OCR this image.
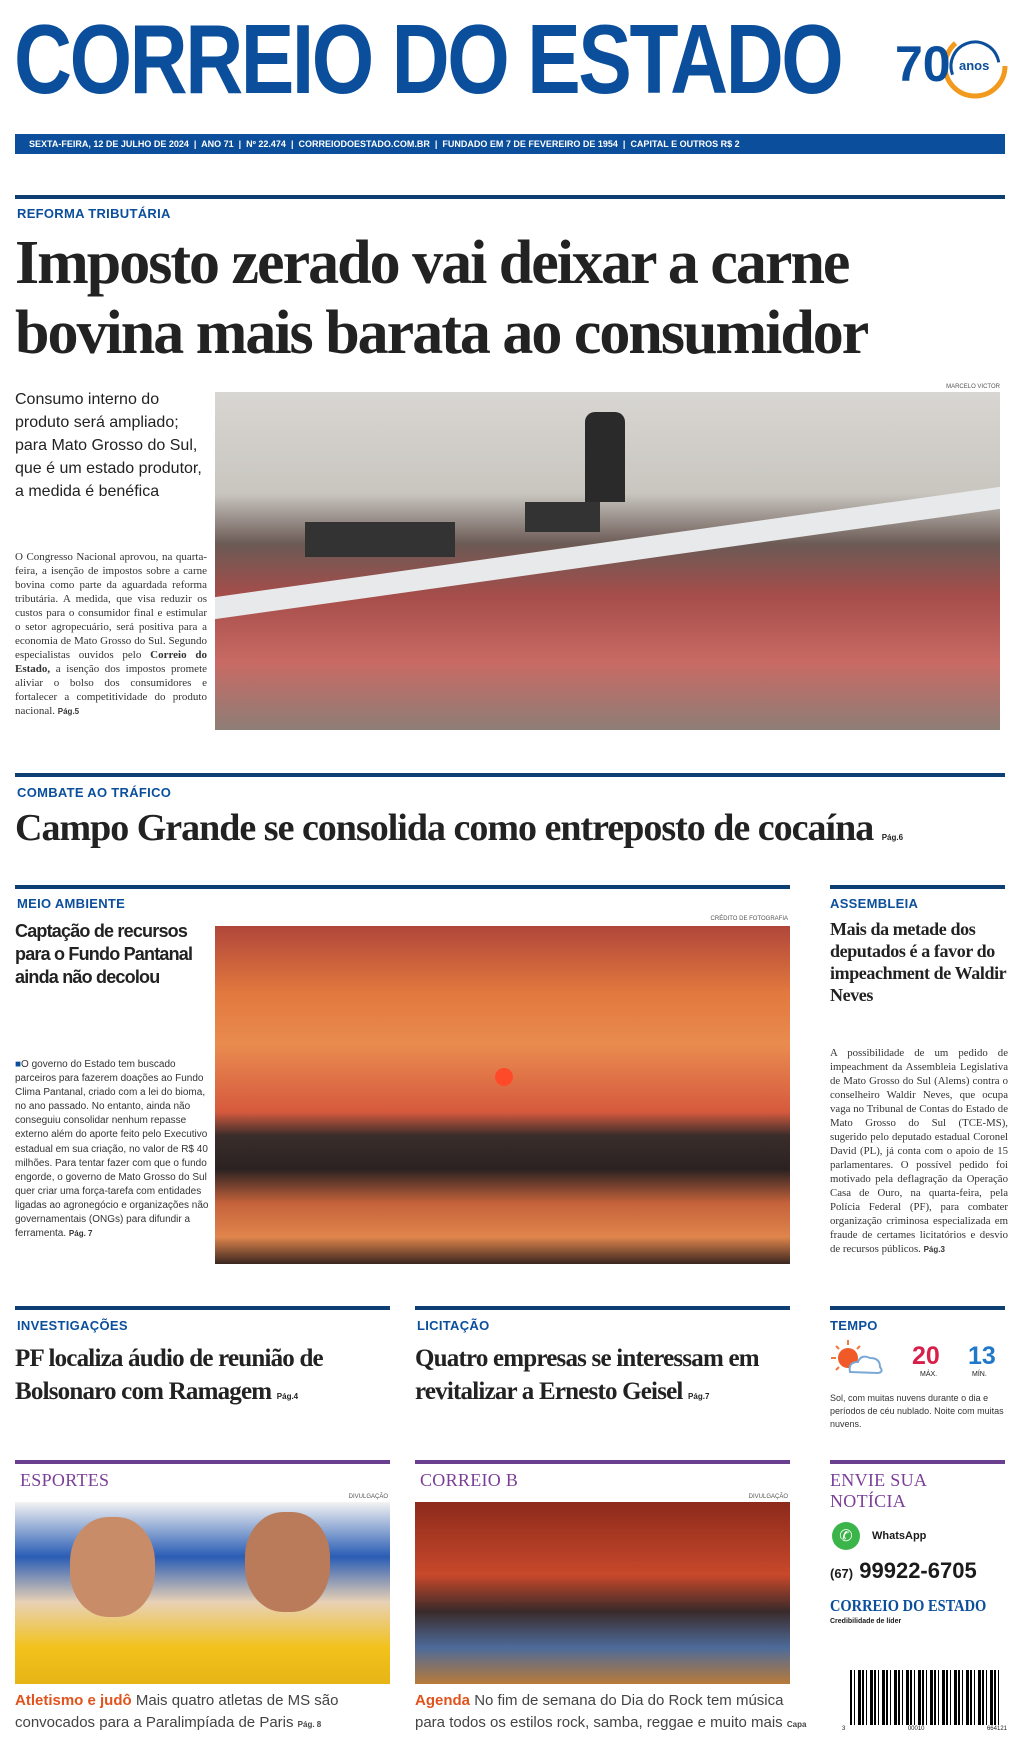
CORREIO DO ESTADO 70 anos
SEXTA-FEIRA, 12 DE JULHO DE 2024  |  ANO 71  |  Nº 22.474  |  CORREIODOESTADO.COM.BR  |  FUNDADO EM 7 DE FEVEREIRO DE 1954  |  CAPITAL E OUTROS R$ 2
REFORMA TRIBUTÁRIA
Imposto zerado vai deixar a carne bovina mais barata ao consumidor
Consumo interno do produto será ampliado; para Mato Grosso do Sul, que é um estado produtor, a medida é benéfica
O Congresso Nacional aprovou, na quarta-feira, a isenção de impostos sobre a carne bovina como parte da aguardada reforma tributária. A medida, que visa reduzir os custos para o consumidor final e estimular o setor agropecuário, será positiva para a economia de Mato Grosso do Sul. Segundo especialistas ouvidos pelo Correio do Estado, a isenção dos impostos promete aliviar o bolso dos consumidores e fortalecer a competitividade do produto nacional. Pág.5
MARCELO VICTOR
COMBATE AO TRÁFICO
Campo Grande se consolida como entreposto de cocaína Pág.6
MEIO AMBIENTE
Captação de recursos para o Fundo Pantanal ainda não decolou
■O governo do Estado tem buscado parceiros para fazerem doações ao Fundo Clima Pantanal, criado com a lei do bioma, no ano passado. No entanto, ainda não conseguiu consolidar nenhum repasse externo além do aporte feito pelo Executivo estadual em sua criação, no valor de R$ 40 milhões. Para tentar fazer com que o fundo engorde, o governo de Mato Grosso do Sul quer criar uma força-tarefa com entidades ligadas ao agronegócio e organizações não governamentais (ONGs) para difundir a ferramenta. Pág. 7
CRÉDITO DE FOTOGRAFIA
ASSEMBLEIA
Mais da metade dos deputados é a favor do impeachment de Waldir Neves
A possibilidade de um pedido de impeachment da Assembleia Legislativa de Mato Grosso do Sul (Alems) contra o conselheiro Waldir Neves, que ocupa vaga no Tribunal de Contas do Estado de Mato Grosso do Sul (TCE-MS), sugerido pelo deputado estadual Coronel David (PL), já conta com o apoio de 15 parlamentares. O possível pedido foi motivado pela deflagração da Operação Casa de Ouro, na quarta-feira, pela Polícia Federal (PF), para combater organização criminosa especializada em fraude de certames licitatórios e desvio de recursos públicos. Pág.3
INVESTIGAÇÕES
PF localiza áudio de reunião de Bolsonaro com Ramagem Pág.4
LICITAÇÃO
Quatro empresas se interessam em revitalizar a Ernesto Geisel Pág.7
TEMPO
20
MÁX.
13
MÍN.
Sol, com muitas nuvens durante o dia e períodos de céu nublado. Noite com muitas nuvens.
ESPORTES
DIVULGAÇÃO
Atletismo e judô Mais quatro atletas de MS são convocados para a Paralimpíada de Paris Pág. 8
CORREIO B
DIVULGAÇÃO
Agenda No fim de semana do Dia do Rock tem música para todos os estilos rock, samba, reggae e muito mais Capa
ENVIE SUA NOTÍCIA
✆	WhatsApp
(67) 99922-6705
CORREIO DO ESTADO
Credibilidade de líder
3	00010	664121
